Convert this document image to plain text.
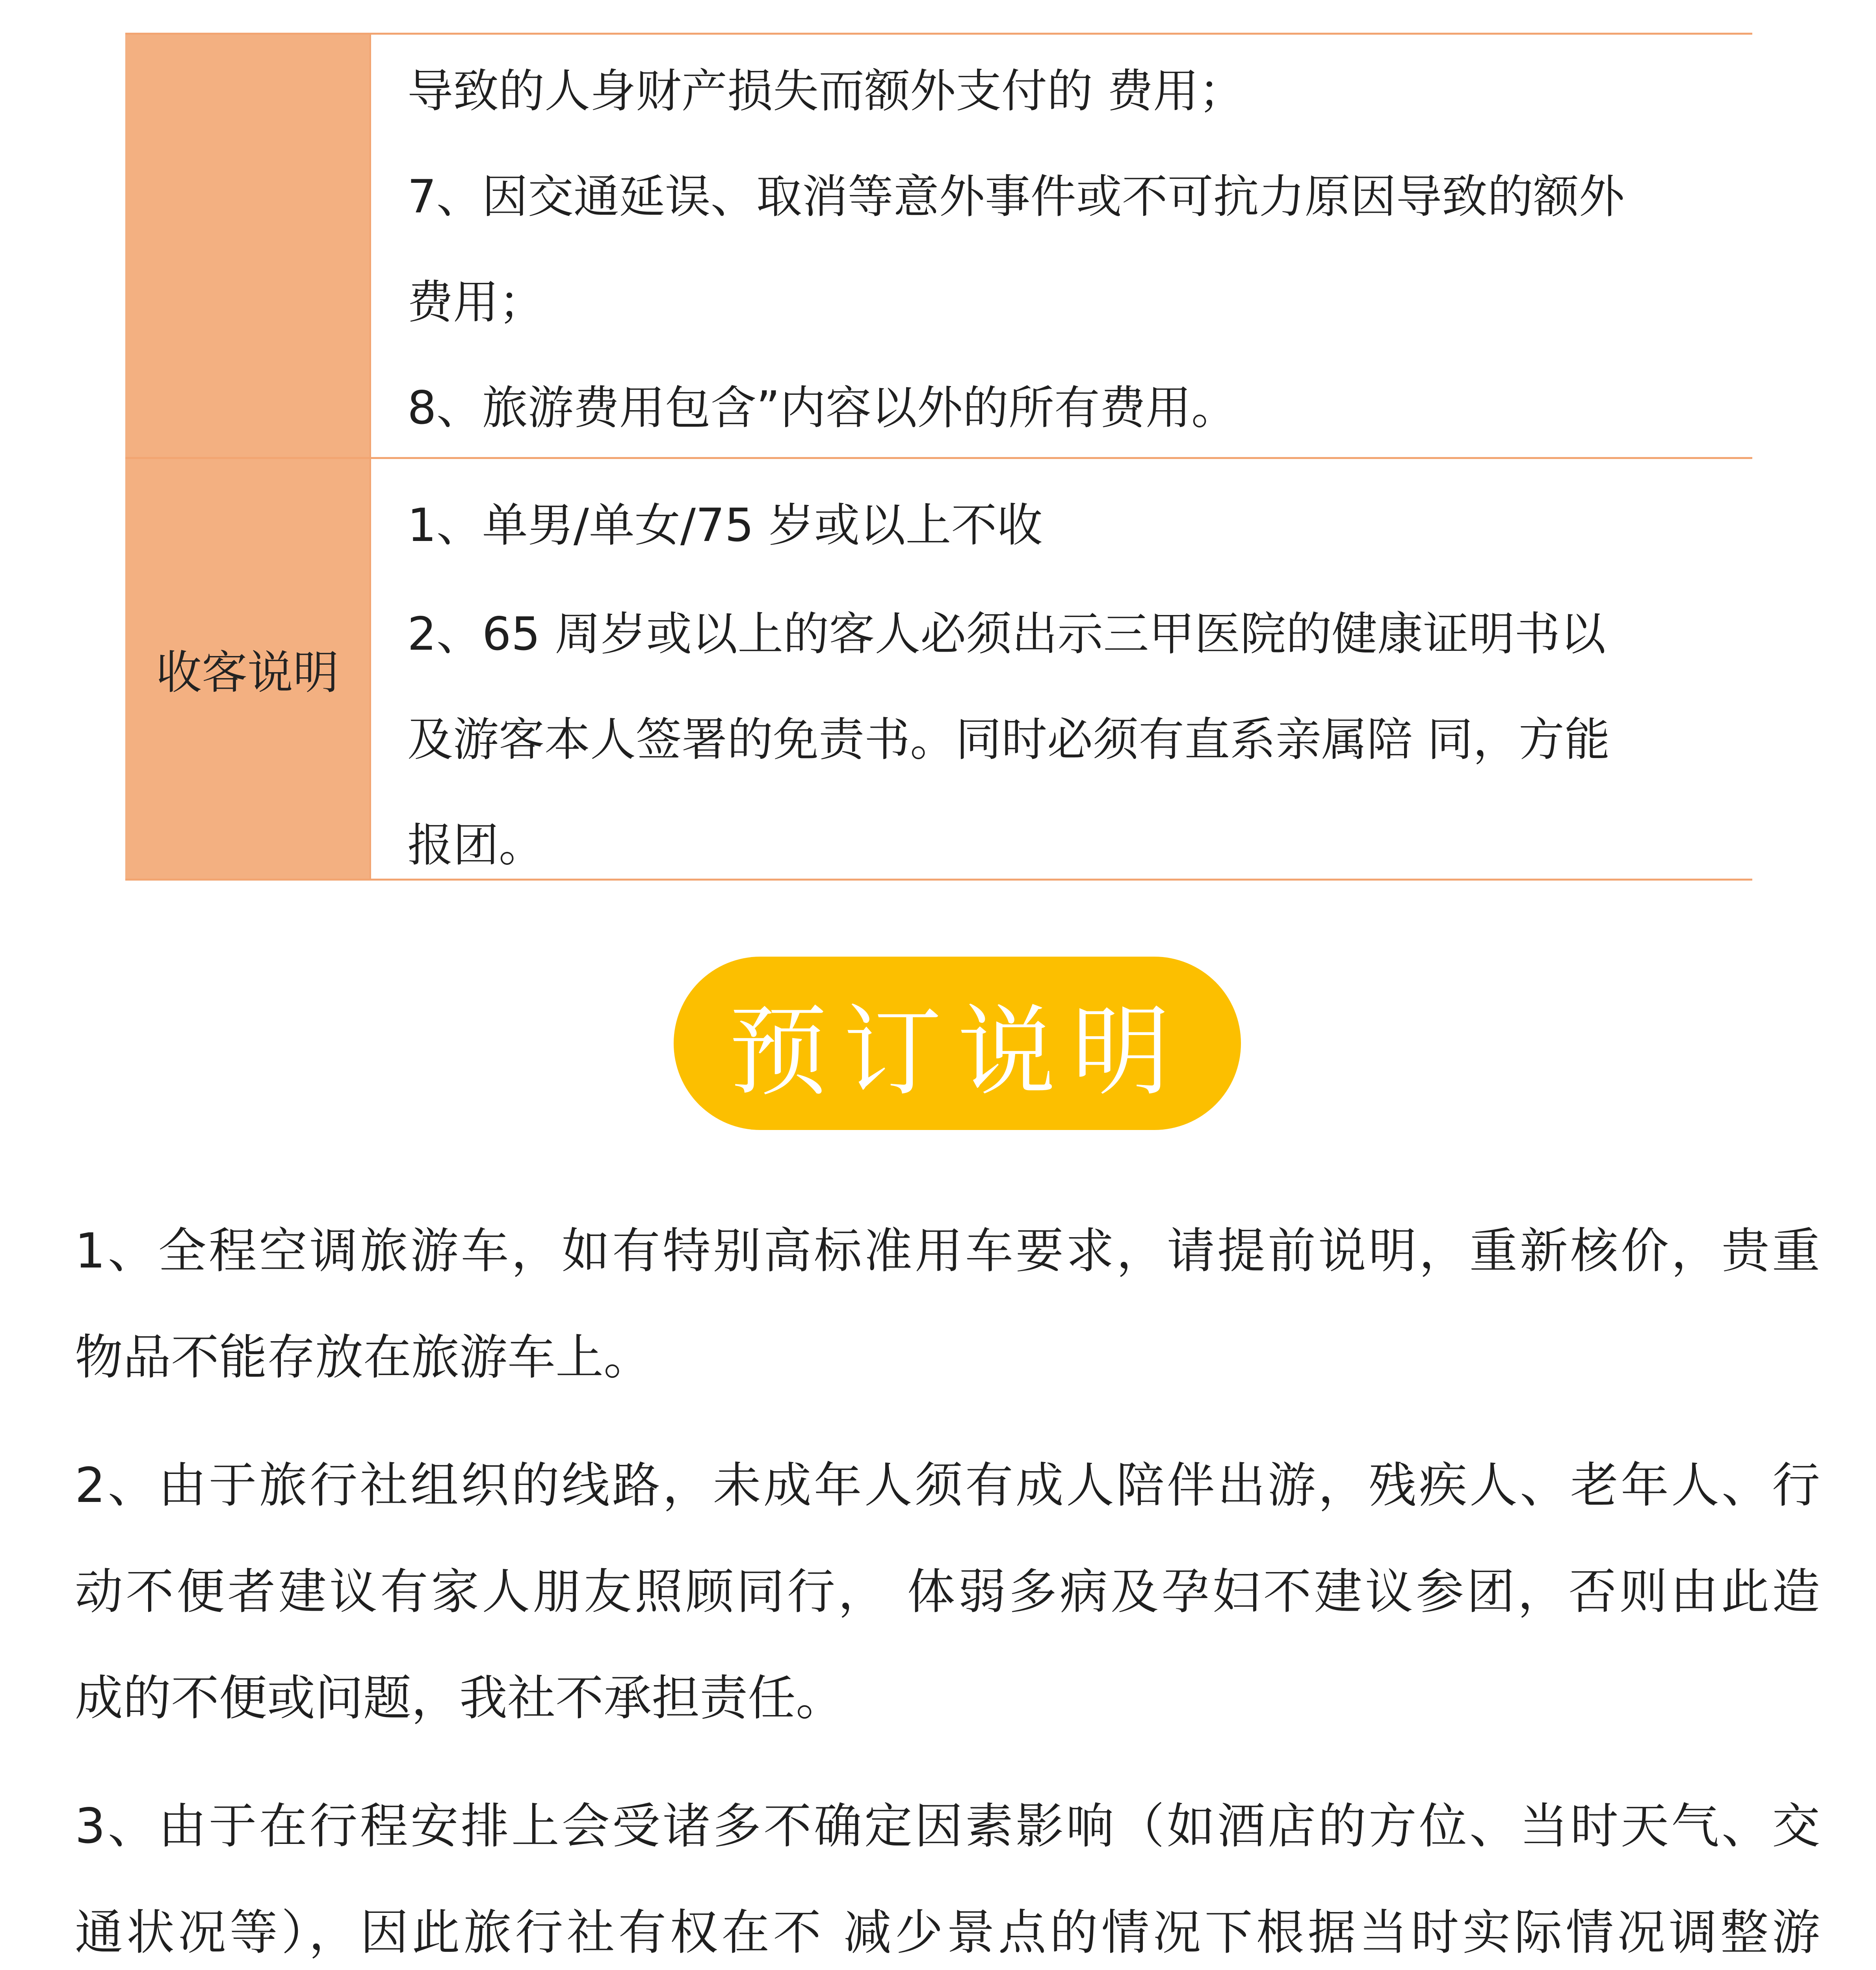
导致的人身财产损失而额外支付的 费用；

7、因交通延误、取消等意外事件或不可抗力原因导致的额外

费用；

8、旅游费用包含”内容以外的所有费用。

收客说明

1、单男/单女/75 岁或以上不收

2、65 周岁或以上的客人必须出示三甲医院的健康证明书以

及游客本人签署的免责书。同时必须有直系亲属陪 同，方能

报团。

预订说明

1、全程空调旅游车，如有特别高标准用车要求，请提前说明，重新核价，贵重

物品不能存放在旅游车上。

2、由于旅行社组织的线路，未成年人须有成人陪伴出游，残疾人、老年人、行

动不便者建议有家人朋友照顾同行， 体弱多病及孕妇不建议参团，否则由此造

成的不便或问题，我社不承担责任。

3、由于在行程安排上会受诸多不确定因素影响（如酒店的方位、当时天气、交

通状况等），因此旅行社有权在不 减少景点的情况下根据当时实际情况调整游
